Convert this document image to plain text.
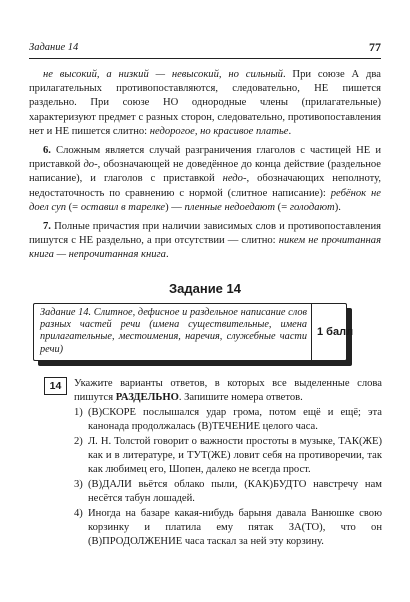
Задание 14	77

не высокий, а низкий — невысокий, но сильный. При союзе А два прилагательных противопоставляются, следовательно, НЕ пишется раздельно. При союзе НО однородные члены (прилагательные) характеризуют предмет с разных сторон, следовательно, противопоставления нет и НЕ пишется слитно: недорогое, но красивое платье.

6. Сложным является случай разграничения глаголов с частицей НЕ и приставкой до-, обозначающей не доведённое до конца действие (раздельное написание), и глаголов с приставкой недо-, обозначающих неполноту, недостаточность по сравнению с нормой (слитное написание): ребёнок не доел суп (= оставил в тарелке) — пленные недоедают (= голодают).

7. Полные причастия при наличии зависимых слов и противопоставления пишутся с НЕ раздельно, а при отсутствии — слитно: никем не прочитанная книга — непрочитанная книга.

Задание 14
Задание 14. Слитное, дефисное и раздельное написание слов разных частей речи (имена существительные, имена прилагательные, местоимения, наречия, служебные части речи)
1 балл
14	Укажите варианты ответов, в которых все выделенные слова пишутся РАЗДЕЛЬНО. Запишите номера ответов.

1) (В)СКОРЕ послышался удар грома, потом ещё и ещё; эта канонада продолжалась (В)ТЕЧЕНИЕ целого часа.
2) Л. Н. Толстой говорит о важности простоты в музыке, ТАК(ЖЕ) как и в литературе, и ТУТ(ЖЕ) ловит себя на противоречии, так как любимец его, Шопен, далеко не всегда прост.
3) (В)ДАЛИ вьётся облако пыли, (КАК)БУДТО навстречу нам несётся табун лошадей.
4) Иногда на базаре какая-нибудь барыня давала Ванюшке свою корзинку и платила ему пятак ЗА(ТО), что он (В)ПРОДОЛЖЕНИЕ часа таскал за ней эту корзину.
